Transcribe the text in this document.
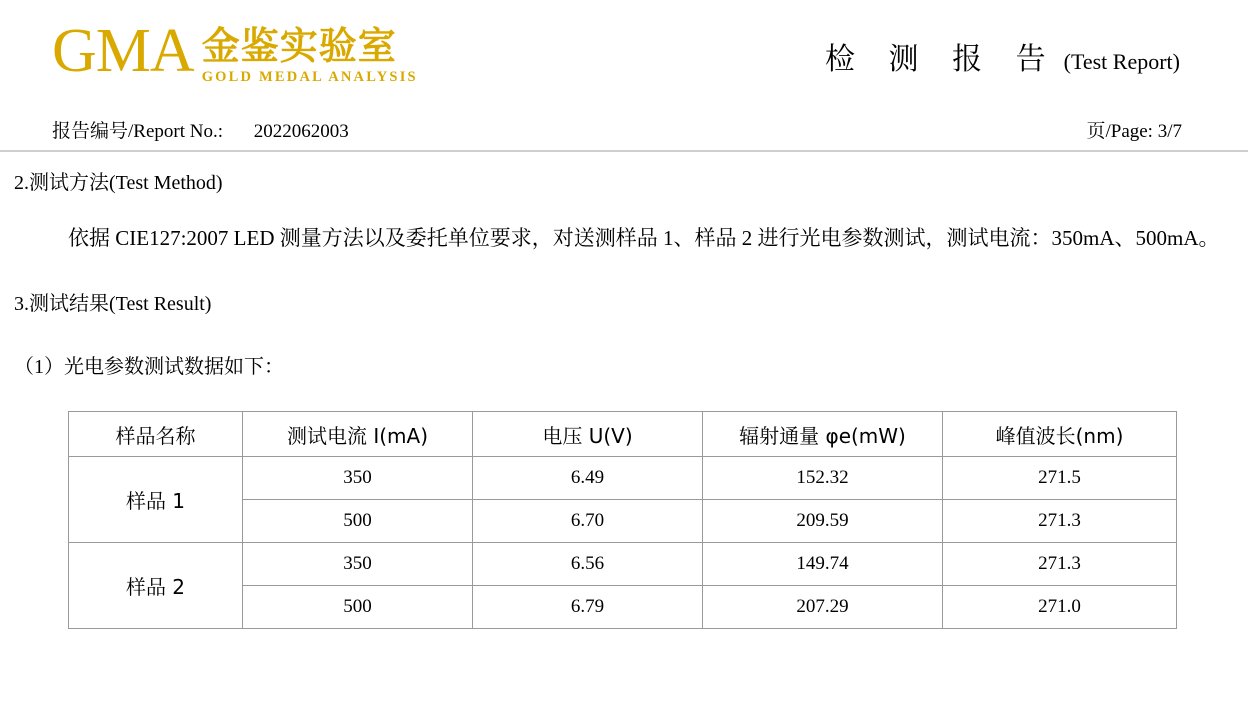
GMA 金鉴实验室
GOLD MEDAL ANALYSIS	检 测 报 告 (Test Report)
报告编号/Report No.: 2022062003	页/Page: 3/7
2.测试方法(Test Method)
依据 CIE127:2007 LED 测量方法以及委托单位要求，对送测样品 1、样品 2 进行光电参数测试，测试电流：350mA、500mA。
3.测试结果(Test Result)
（1）光电参数测试数据如下：
样品名称	测试电流 I(mA)	电压 U(V)	辐射通量 φe(mW)	峰值波长(nm)
样品 1	350	6.49	152.32	271.5
	500	6.70	209.59	271.3
样品 2	350	6.56	149.74	271.3
	500	6.79	207.29	271.0
